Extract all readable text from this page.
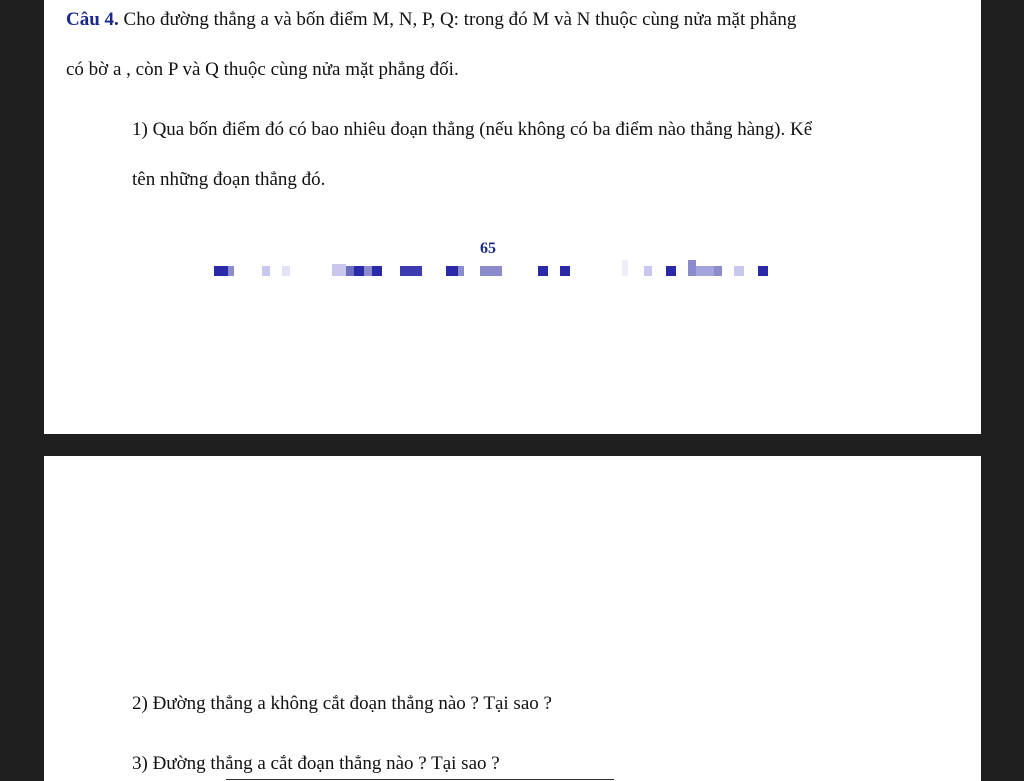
Câu 4. Cho đường thẳng a và bốn điểm M, N, P, Q: trong đó M và N thuộc cùng nửa mặt phẳng
có bờ a , còn P và Q thuộc cùng nửa mặt phẳng đối.
1) Qua bốn điểm đó có bao nhiêu đoạn thẳng (nếu không có ba điểm nào thẳng hàng). Kể
tên những đoạn thẳng đó.
65
2) Đường thẳng a không cắt đoạn thẳng nào ? Tại sao ?
3) Đường thẳng a cắt đoạn thẳng nào ? Tại sao ?
